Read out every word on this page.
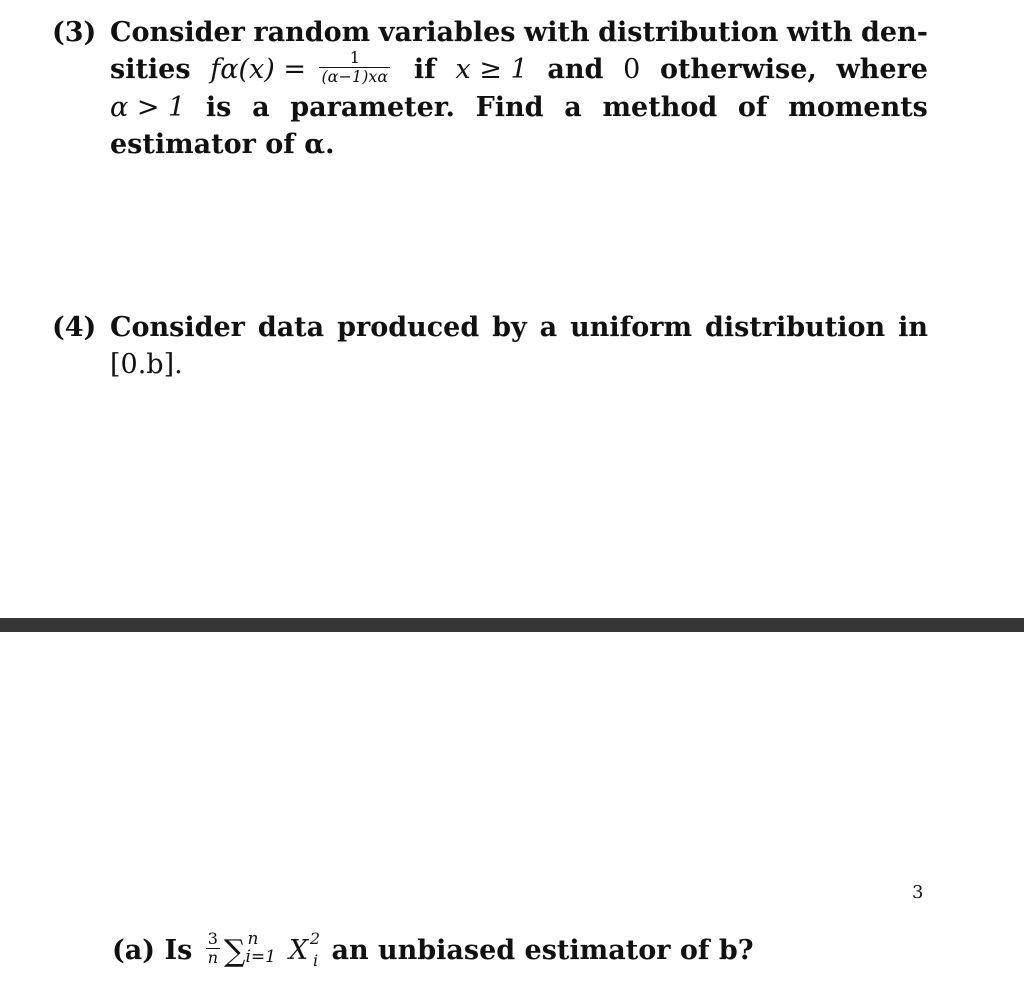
(3) Consider random variables with distribution with den-
sities $f\alpha(x) = \frac{1}{(\alpha-1)x\alpha}$ if x ≥ 1 and 0 otherwise, where
α > 1 is a parameter. Find a method of moments
estimator of α.
(4) Consider data produced by a uniform distribution in
[0.b].
3
(a) Is $\frac{3}{n}$ ∑ n
i=1 X 2
i an unbiased estimator of b?
